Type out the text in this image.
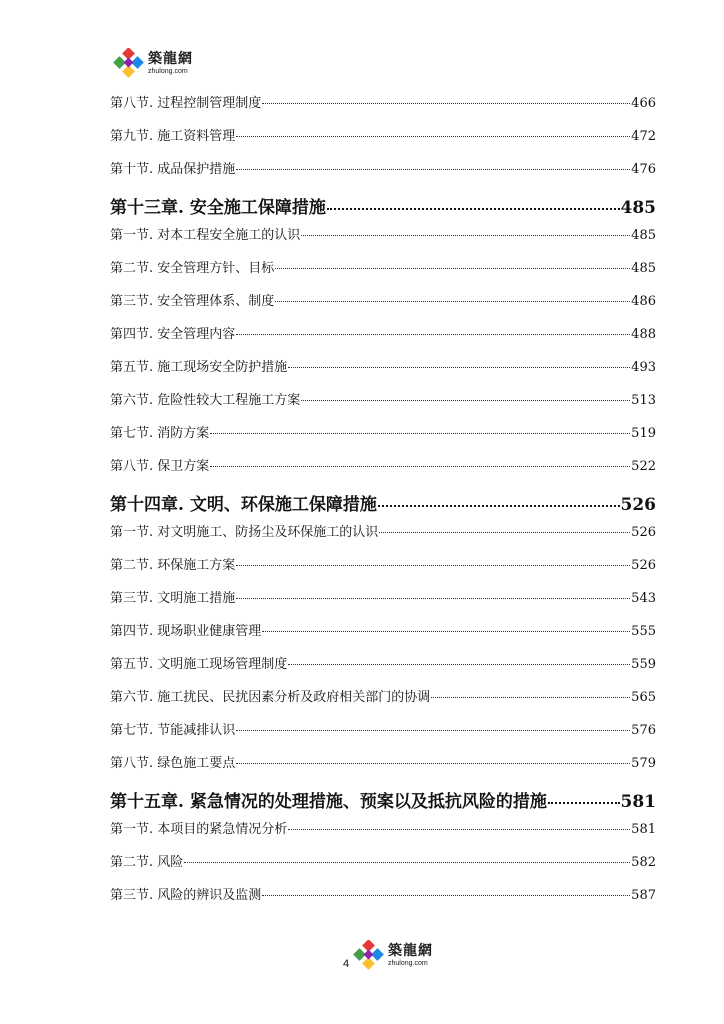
築龍網
zhulong.com
第八节. 过程控制管理制度	466
第九节. 施工资料管理	472
第十节. 成品保护措施	476
第十三章. 安全施工保障措施	485
第一节. 对本工程安全施工的认识	485
第二节. 安全管理方针、目标	485
第三节. 安全管理体系、制度	486
第四节. 安全管理内容	488
第五节. 施工现场安全防护措施	493
第六节. 危险性较大工程施工方案	513
第七节. 消防方案	519
第八节. 保卫方案	522
第十四章. 文明、环保施工保障措施	526
第一节. 对文明施工、防扬尘及环保施工的认识	526
第二节. 环保施工方案	526
第三节. 文明施工措施	543
第四节. 现场职业健康管理	555
第五节. 文明施工现场管理制度	559
第六节. 施工扰民、民扰因素分析及政府相关部门的协调	565
第七节. 节能减排认识	576
第八节. 绿色施工要点	579
第十五章. 紧急情况的处理措施、预案以及抵抗风险的措施	581
第一节. 本项目的紧急情况分析	581
第二节. 风险	582
第三节. 风险的辨识及监测	587
4
築龍網
zhulong.com
